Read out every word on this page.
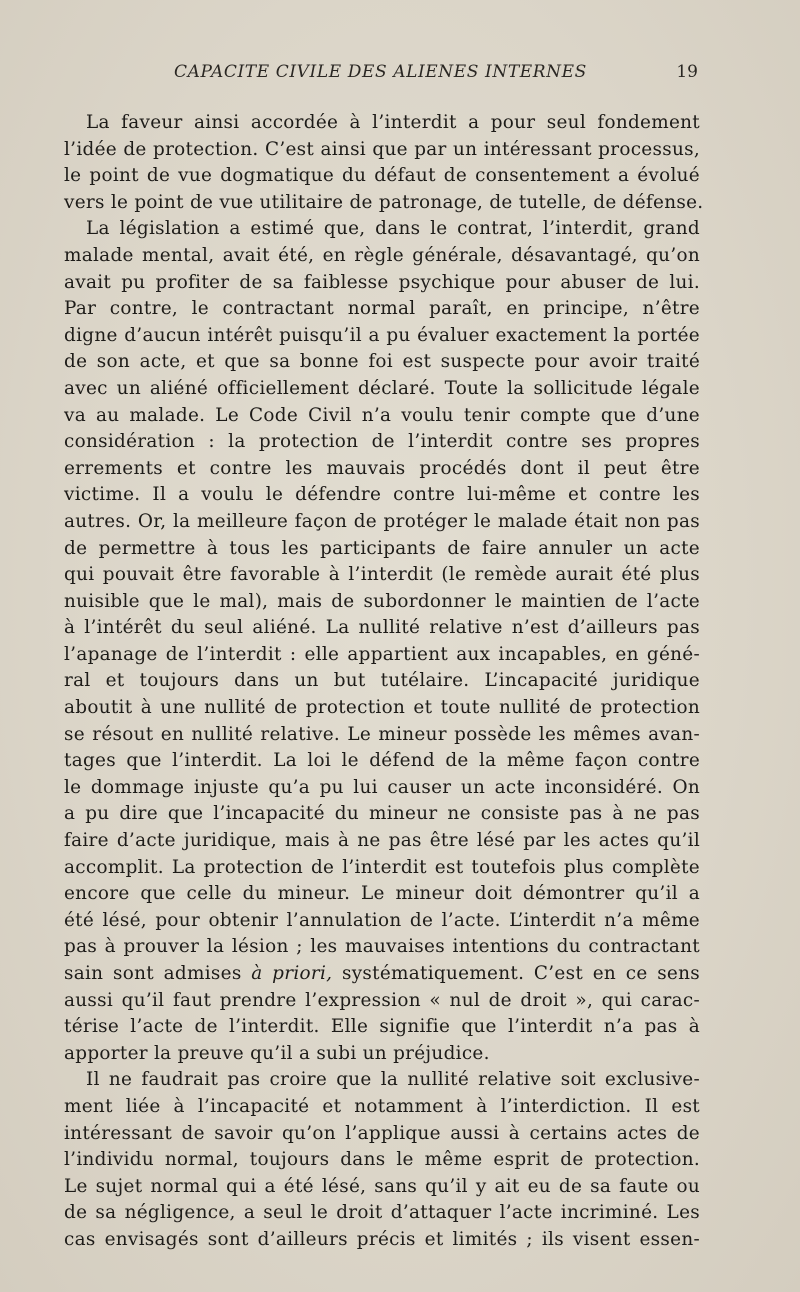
CAPACITE CIVILE DES ALIENES INTERNES	19
La faveur ainsi accordée à l’interdit a pour seul fondement
l’idée de protection. C’est ainsi que par un intéressant processus,
le point de vue dogmatique du défaut de consentement a évolué
vers le point de vue utilitaire de patronage, de tutelle, de défense.
La législation a estimé que, dans le contrat, l’interdit, grand
malade mental, avait été, en règle générale, désavantagé, qu’on
avait pu profiter de sa faiblesse psychique pour abuser de lui.
Par contre, le contractant normal paraît, en principe, n’être
digne d’aucun intérêt puisqu’il a pu évaluer exactement la portée
de son acte, et que sa bonne foi est suspecte pour avoir traité
avec un aliéné officiellement déclaré. Toute la sollicitude légale
va au malade. Le Code Civil n’a voulu tenir compte que d’une
considération : la protection de l’interdit contre ses propres
errements et contre les mauvais procédés dont il peut être
victime. Il a voulu le défendre contre lui-même et contre les
autres. Or, la meilleure façon de protéger le malade était non pas
de permettre à tous les participants de faire annuler un acte
qui pouvait être favorable à l’interdit (le remède aurait été plus
nuisible que le mal), mais de subordonner le maintien de l’acte
à l’intérêt du seul aliéné. La nullité relative n’est d’ailleurs pas
l’apanage de l’interdit : elle appartient aux incapables, en géné-
ral et toujours dans un but tutélaire. L’incapacité juridique
aboutit à une nullité de protection et toute nullité de protection
se résout en nullité relative. Le mineur possède les mêmes avan-
tages que l’interdit. La loi le défend de la même façon contre
le dommage injuste qu’a pu lui causer un acte inconsidéré. On
a pu dire que l’incapacité du mineur ne consiste pas à ne pas
faire d’acte juridique, mais à ne pas être lésé par les actes qu’il
accomplit. La protection de l’interdit est toutefois plus complète
encore que celle du mineur. Le mineur doit démontrer qu’il a
été lésé, pour obtenir l’annulation de l’acte. L’interdit n’a même
pas à prouver la lésion ; les mauvaises intentions du contractant
sain sont admises à priori, systématiquement. C’est en ce sens
aussi qu’il faut prendre l’expression « nul de droit », qui carac-
térise l’acte de l’interdit. Elle signifie que l’interdit n’a pas à
apporter la preuve qu’il a subi un préjudice.
Il ne faudrait pas croire que la nullité relative soit exclusive-
ment liée à l’incapacité et notamment à l’interdiction. Il est
intéressant de savoir qu’on l’applique aussi à certains actes de
l’individu normal, toujours dans le même esprit de protection.
Le sujet normal qui a été lésé, sans qu’il y ait eu de sa faute ou
de sa négligence, a seul le droit d’attaquer l’acte incriminé. Les
cas envisagés sont d’ailleurs précis et limités ; ils visent essen-
